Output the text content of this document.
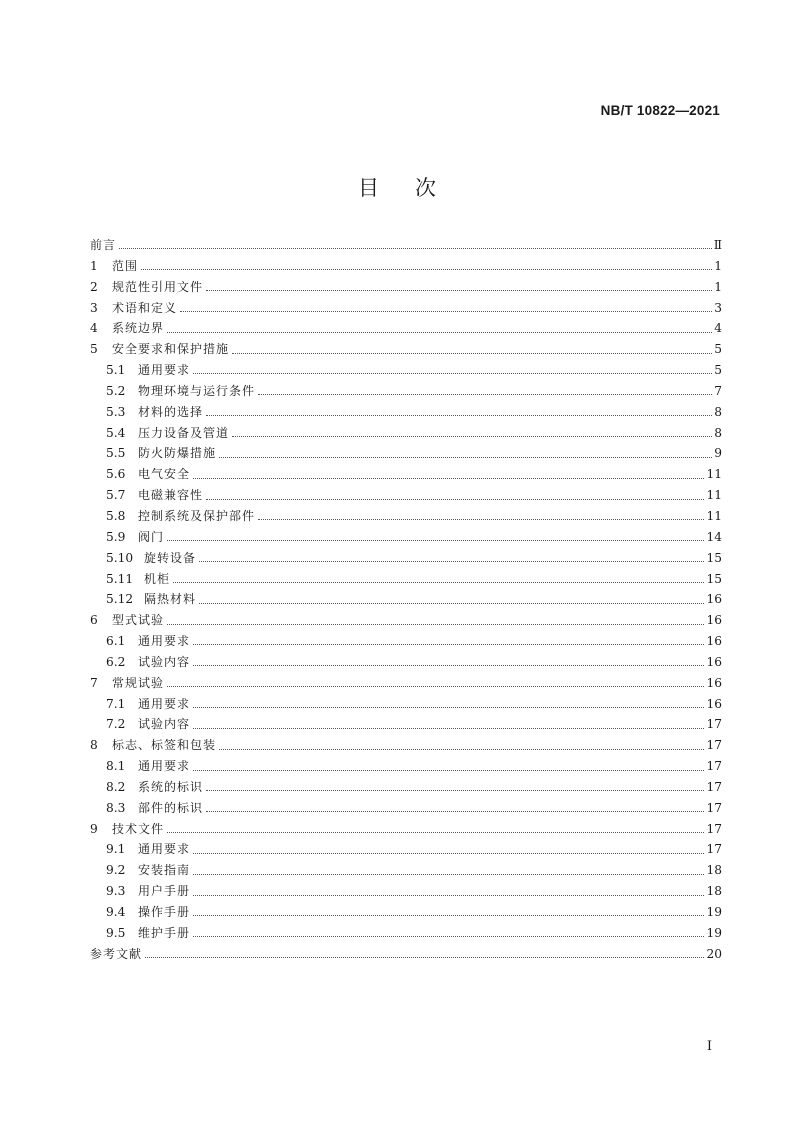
NB/T 10822—2021
目次
前言	Ⅱ
1	范围	1
2	规范性引用文件	1
3	术语和定义	3
4	系统边界	4
5	安全要求和保护措施	5
5.1	通用要求	5
5.2	物理环境与运行条件	7
5.3	材料的选择	8
5.4	压力设备及管道	8
5.5	防火防爆措施	9
5.6	电气安全	11
5.7	电磁兼容性	11
5.8	控制系统及保护部件	11
5.9	阀门	14
5.10 旋转设备	15
5.11 机柜	15
5.12 隔热材料	16
6	型式试验	16
6.1	通用要求	16
6.2	试验内容	16
7	常规试验	16
7.1	通用要求	16
7.2	试验内容	17
8	标志、标签和包装	17
8.1	通用要求	17
8.2	系统的标识	17
8.3	部件的标识	17
9	技术文件	17
9.1	通用要求	17
9.2	安装指南	18
9.3	用户手册	18
9.4	操作手册	19
9.5	维护手册	19
参考文献	20
I
